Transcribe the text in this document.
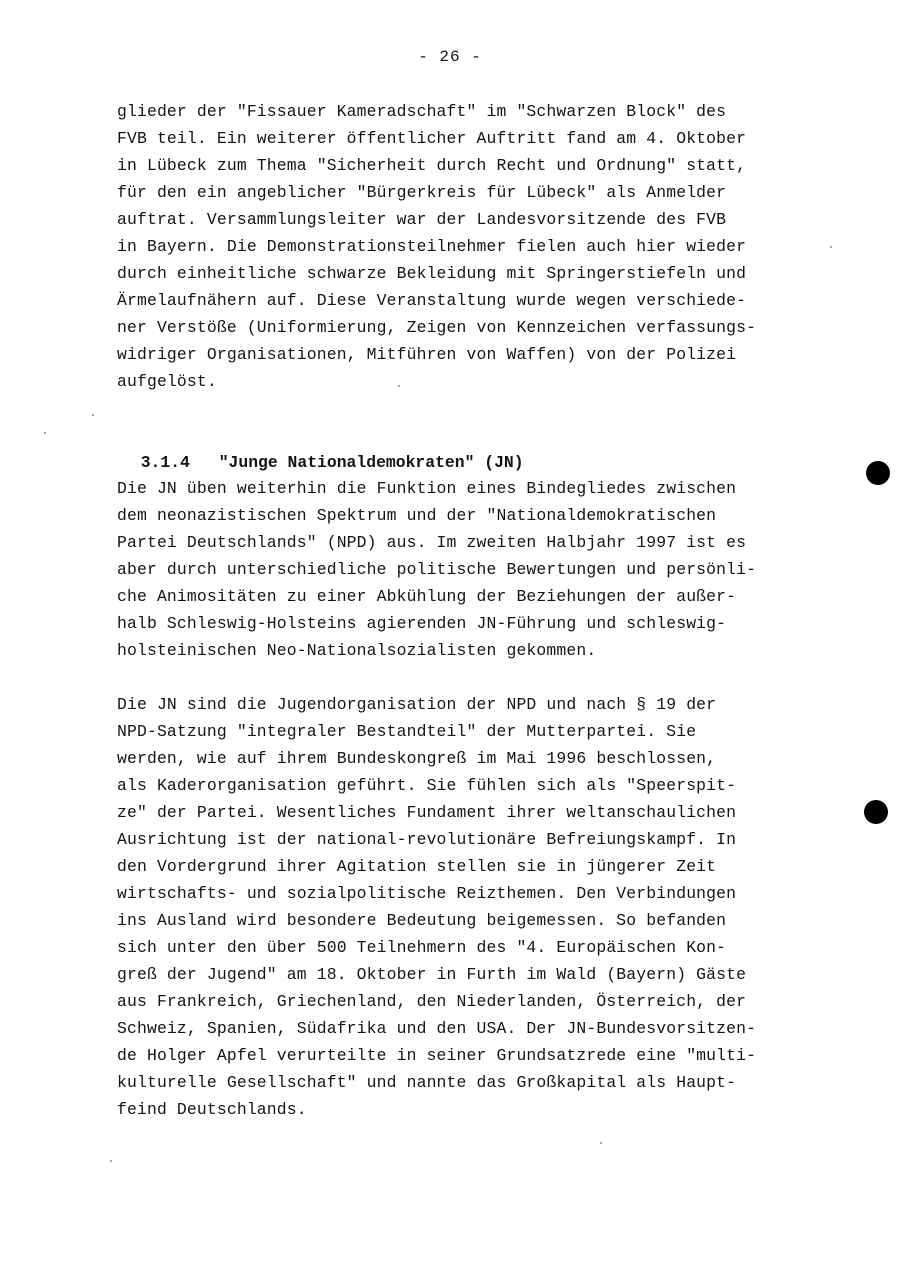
- 26 -
glieder der "Fissauer Kameradschaft" im "Schwarzen Block" des
FVB teil. Ein weiterer öffentlicher Auftritt fand am 4. Oktober
in Lübeck zum Thema "Sicherheit durch Recht und Ordnung" statt,
für den ein angeblicher "Bürgerkreis für Lübeck" als Anmelder
auftrat. Versammlungsleiter war der Landesvorsitzende des FVB
in Bayern. Die Demonstrationsteilnehmer fielen auch hier wieder
durch einheitliche schwarze Bekleidung mit Springerstiefeln und
Ärmelaufnähern auf. Diese Veranstaltung wurde wegen verschiede-
ner Verstöße (Uniformierung, Zeigen von Kennzeichen verfassungs-
widriger Organisationen, Mitführen von Waffen) von der Polizei
aufgelöst.

3.1.4 "Junge Nationaldemokraten" (JN)

Die JN üben weiterhin die Funktion eines Bindegliedes zwischen
dem neonazistischen Spektrum und der "Nationaldemokratischen
Partei Deutschlands" (NPD) aus. Im zweiten Halbjahr 1997 ist es
aber durch unterschiedliche politische Bewertungen und persönli-
che Animositäten zu einer Abkühlung der Beziehungen der außer-
halb Schleswig-Holsteins agierenden JN-Führung und schleswig-
holsteinischen Neo-Nationalsozialisten gekommen.
Die JN sind die Jugendorganisation der NPD und nach § 19 der
NPD-Satzung "integraler Bestandteil" der Mutterpartei. Sie
werden, wie auf ihrem Bundeskongreß im Mai 1996 beschlossen,
als Kaderorganisation geführt. Sie fühlen sich als "Speerspit-
ze" der Partei. Wesentliches Fundament ihrer weltanschaulichen
Ausrichtung ist der national-revolutionäre Befreiungskampf. In
den Vordergrund ihrer Agitation stellen sie in jüngerer Zeit
wirtschafts- und sozialpolitische Reizthemen. Den Verbindungen
ins Ausland wird besondere Bedeutung beigemessen. So befanden
sich unter den über 500 Teilnehmern des "4. Europäischen Kon-
greß der Jugend" am 18. Oktober in Furth im Wald (Bayern) Gäste
aus Frankreich, Griechenland, den Niederlanden, Österreich, der
Schweiz, Spanien, Südafrika und den USA. Der JN-Bundesvorsitzen-
de Holger Apfel verurteilte in seiner Grundsatzrede eine "multi-
kulturelle Gesellschaft" und nannte das Großkapital als Haupt-
feind Deutschlands.
